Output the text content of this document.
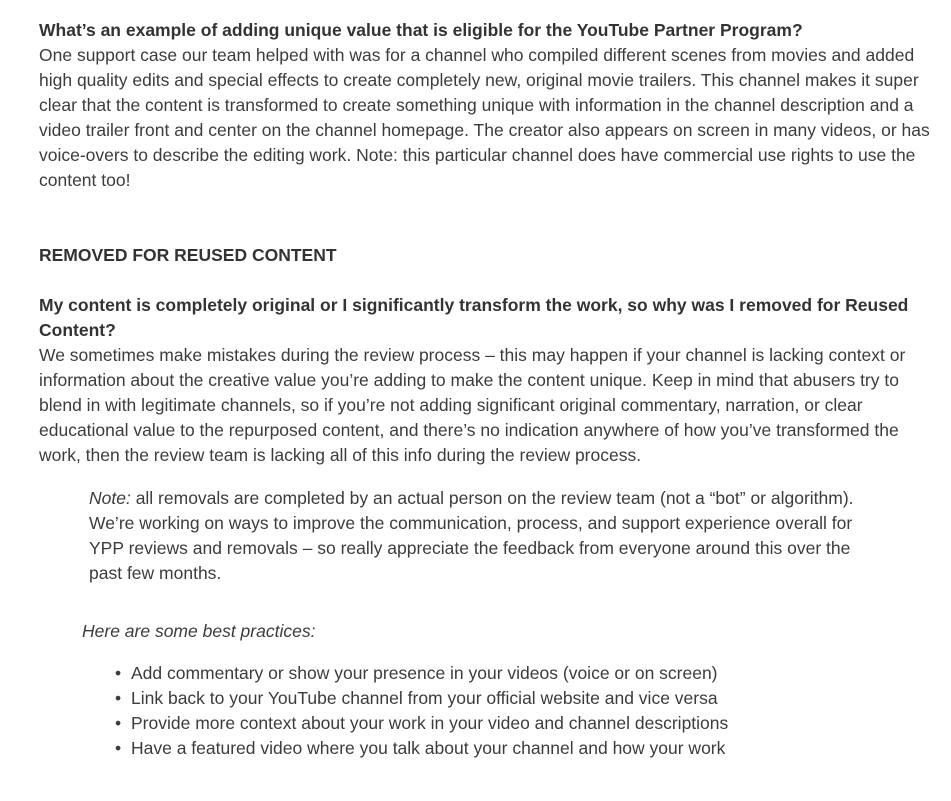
What’s an example of adding unique value that is eligible for the YouTube Partner Program?

One support case our team helped with was for a channel who compiled different scenes from movies and added high quality edits and special effects to create completely new, original movie trailers. This channel makes it super clear that the content is transformed to create something unique with information in the channel description and a video trailer front and center on the channel homepage. The creator also appears on screen in many videos, or has voice-overs to describe the editing work. Note: this particular channel does have commercial use rights to use the content too!

REMOVED FOR REUSED CONTENT

My content is completely original or I significantly transform the work, so why was I removed for Reused Content?

We sometimes make mistakes during the review process – this may happen if your channel is lacking context or information about the creative value you’re adding to make the content unique. Keep in mind that abusers try to blend in with legitimate channels, so if you’re not adding significant original commentary, narration, or clear educational value to the repurposed content, and there’s no indication anywhere of how you’ve transformed the work, then the review team is lacking all of this info during the review process.

Note: all removals are completed by an actual person on the review team (not a “bot” or algorithm). We’re working on ways to improve the communication, process, and support experience overall for YPP reviews and removals – so really appreciate the feedback from everyone around this over the past few months.

Here are some best practices:

• Add commentary or show your presence in your videos (voice or on screen)
• Link back to your YouTube channel from your official website and vice versa
• Provide more context about your work in your video and channel descriptions
• Have a featured video where you talk about your channel and how your work
